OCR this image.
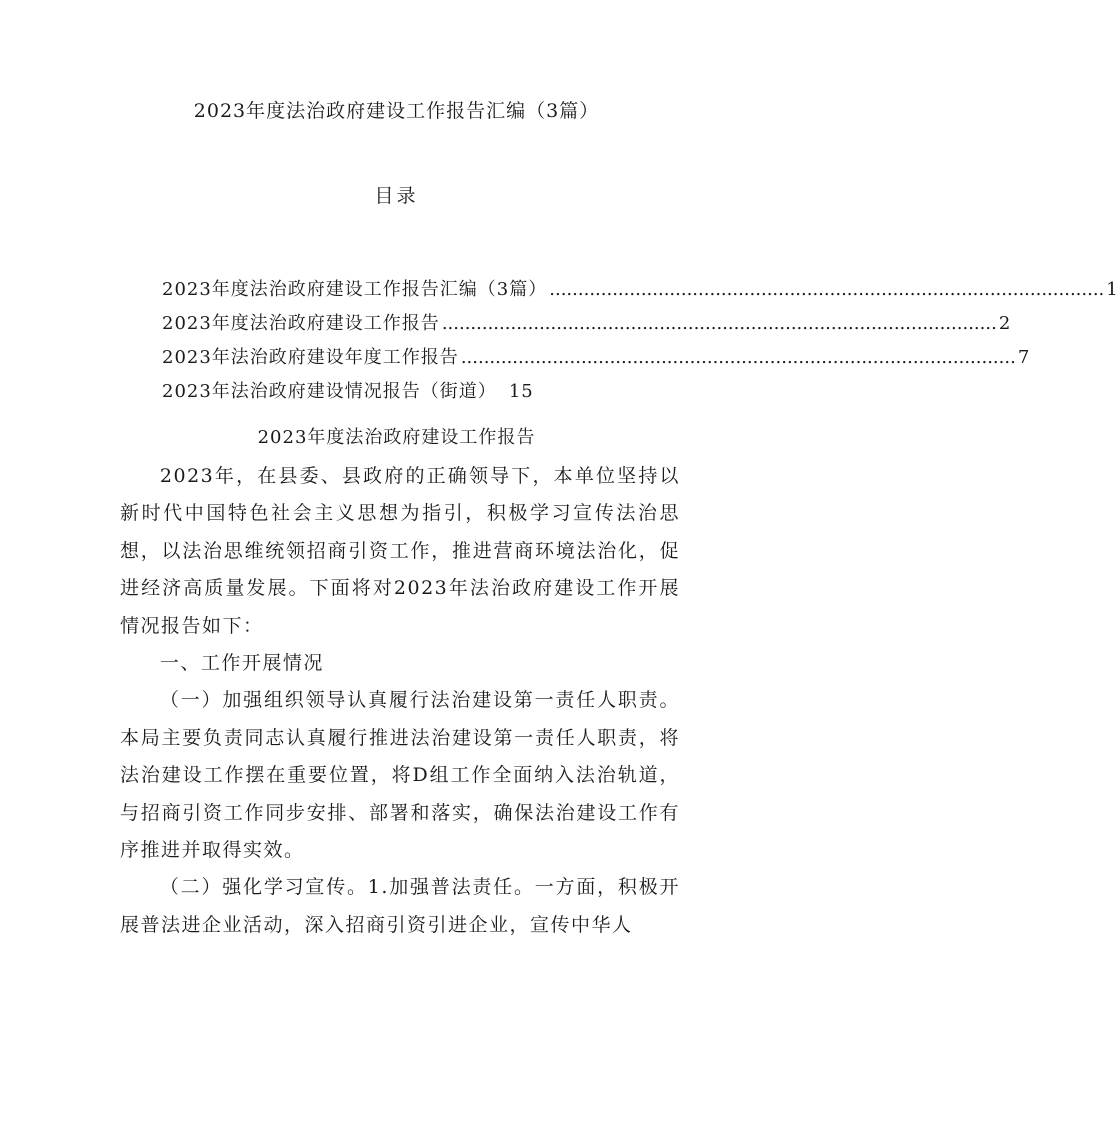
2023年度法治政府建设工作报告汇编（3篇）
目录
2023年度法治政府建设工作报告汇编（3篇） ................................................................................................. 1
2023年度法治政府建设工作报告 ................................................................................................. 2
2023年法治政府建设年度工作报告 ................................................................................................. 7
2023年法治政府建设情况报告（街道） 15
2023年度法治政府建设工作报告

2023年，在县委、县政府的正确领导下，本单位坚持以新时代中国特色社会主义思想为指引，积极学习宣传法治思想，以法治思维统领招商引资工作，推进营商环境法治化，促进经济高质量发展。下面将对2023年法治政府建设工作开展情况报告如下：

一、工作开展情况

（一）加强组织领导认真履行法治建设第一责任人职责。本局主要负责同志认真履行推进法治建设第一责任人职责，将法治建设工作摆在重要位置，将D组工作全面纳入法治轨道，与招商引资工作同步安排、部署和落实，确保法治建设工作有序推进并取得实效。

（二）强化学习宣传。1.加强普法责任。一方面，积极开展普法进企业活动，深入招商引资引进企业，宣传中华人
